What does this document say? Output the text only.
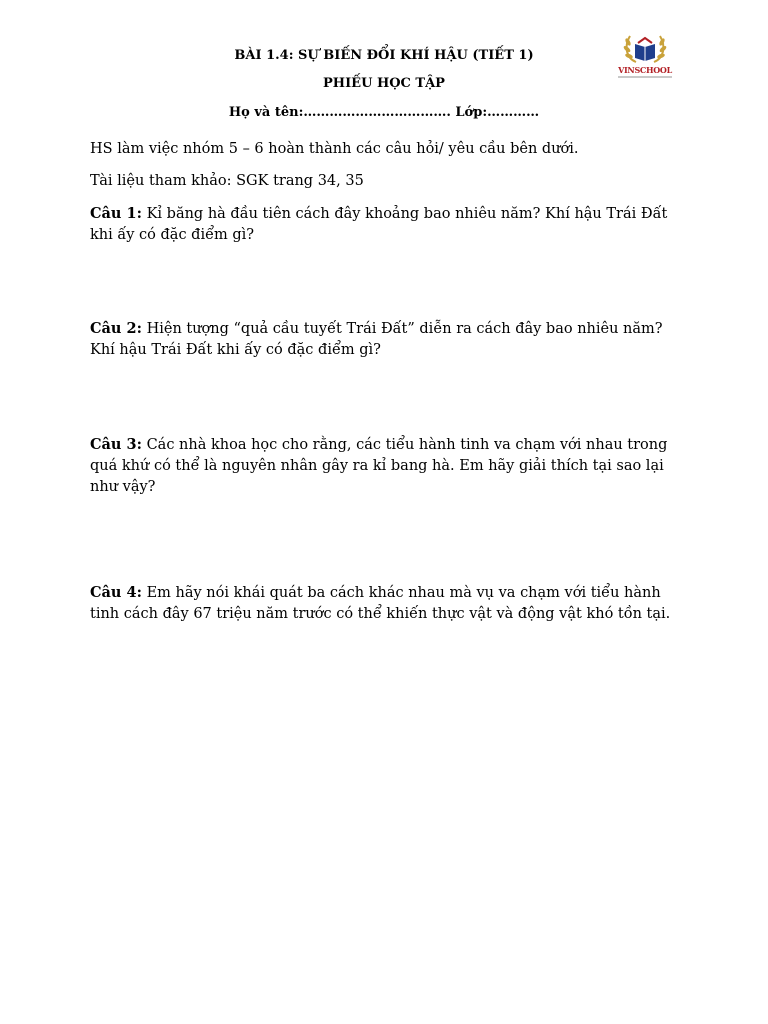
BÀI 1.4: SỰ BIẾN ĐỔI KHÍ HẬU (TIẾT 1)
PHIẾU HỌC TẬP
Họ và tên:……………………………. Lớp:…………
VINSCHOOL
HS làm việc nhóm 5 – 6 hoàn thành các câu hỏi/ yêu cầu bên dưới.
Tài liệu tham khảo: SGK trang 34, 35
Câu 1: Kỉ băng hà đầu tiên cách đây khoảng bao nhiêu năm? Khí hậu Trái Đất khi ấy có đặc điểm gì?
Câu 2: Hiện tượng “quả cầu tuyết Trái Đất” diễn ra cách đây bao nhiêu năm? Khí hậu Trái Đất khi ấy có đặc điểm gì?
Câu 3: Các nhà khoa học cho rằng, các tiểu hành tinh va chạm với nhau trong quá khứ có thể là nguyên nhân gây ra kỉ bang hà. Em hãy giải thích tại sao lại như vậy?
Câu 4: Em hãy nói khái quát ba cách khác nhau mà vụ va chạm với tiểu hành tinh cách đây 67 triệu năm trước có thể khiến thực vật và động vật khó tồn tại.
